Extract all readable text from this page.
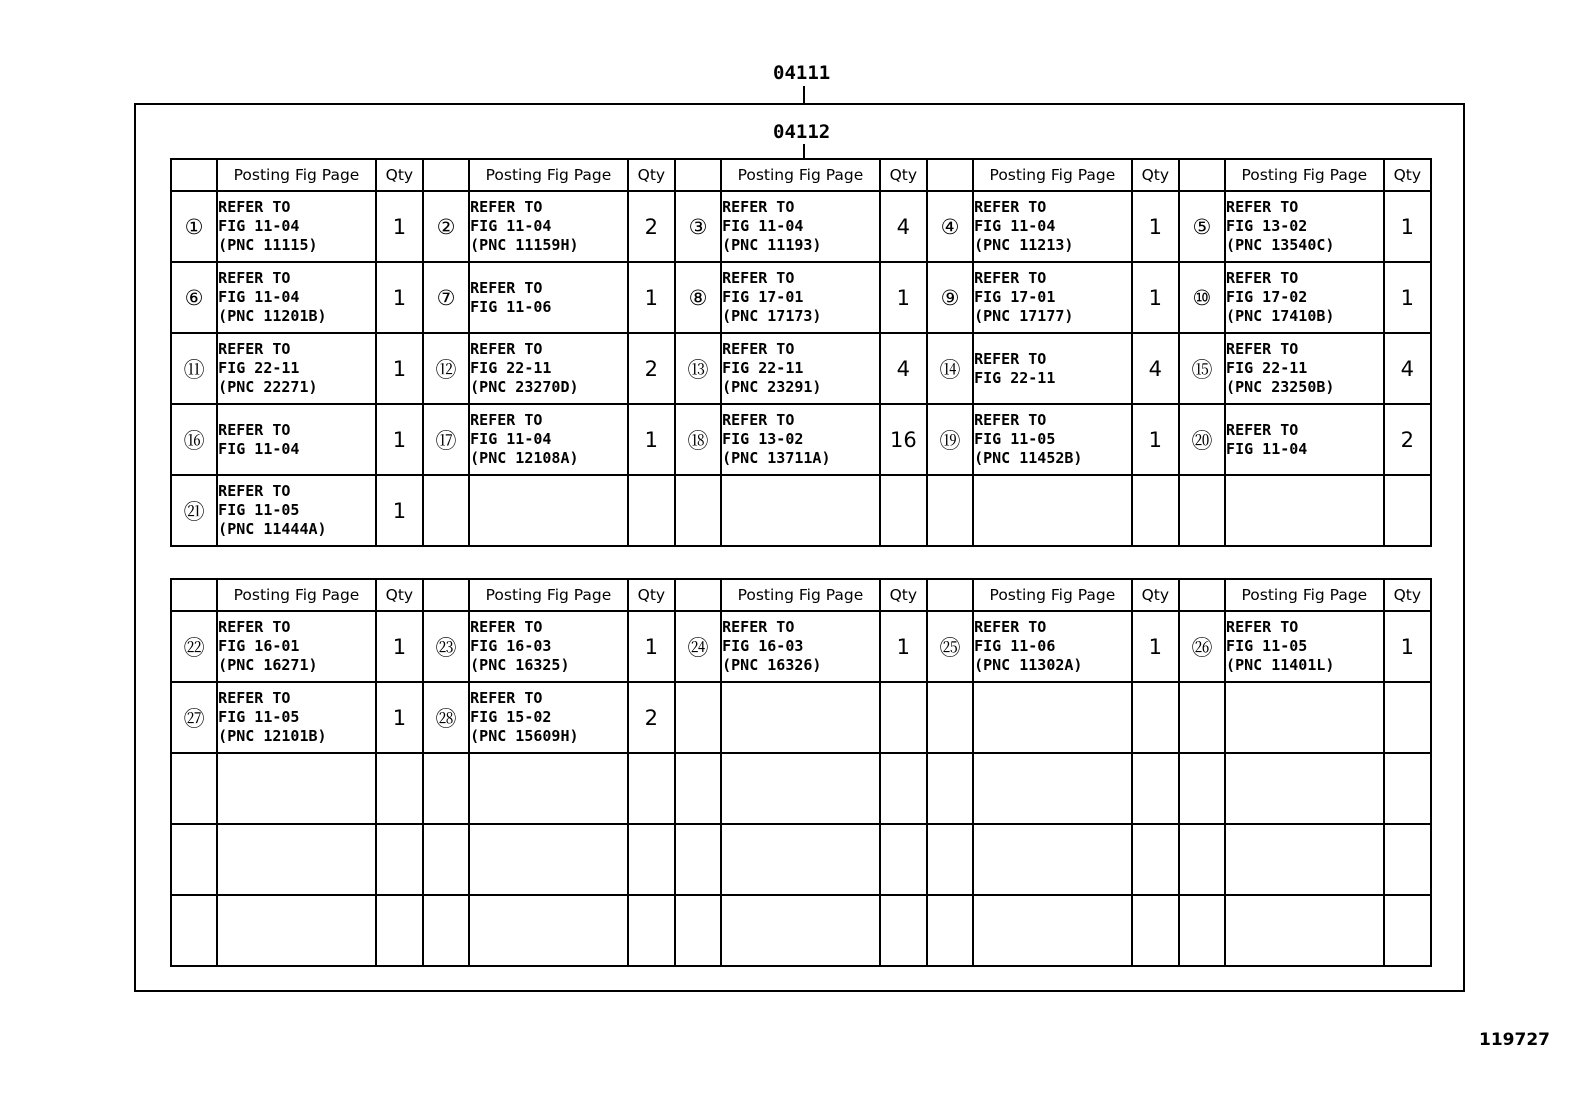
04111
04112
	Posting Fig Page	Qty		Posting Fig Page	Qty		Posting Fig Page	Qty		Posting Fig Page	Qty		Posting Fig Page	Qty
①	REFER TO
FIG 11-04
(PNC 11115)	1	②	REFER TO
FIG 11-04
(PNC 11159H)	2	③	REFER TO
FIG 11-04
(PNC 11193)	4	④	REFER TO
FIG 11-04
(PNC 11213)	1	⑤	REFER TO
FIG 13-02
(PNC 13540C)	1
⑥	REFER TO
FIG 11-04
(PNC 11201B)	1	⑦	REFER TO
FIG 11-06	1	⑧	REFER TO
FIG 17-01
(PNC 17173)	1	⑨	REFER TO
FIG 17-01
(PNC 17177)	1	⑩	REFER TO
FIG 17-02
(PNC 17410B)	1
⑪	REFER TO
FIG 22-11
(PNC 22271)	1	⑫	REFER TO
FIG 22-11
(PNC 23270D)	2	⑬	REFER TO
FIG 22-11
(PNC 23291)	4	⑭	REFER TO
FIG 22-11	4	⑮	REFER TO
FIG 22-11
(PNC 23250B)	4
⑯	REFER TO
FIG 11-04	1	⑰	REFER TO
FIG 11-04
(PNC 12108A)	1	⑱	REFER TO
FIG 13-02
(PNC 13711A)	16	⑲	REFER TO
FIG 11-05
(PNC 11452B)	1	⑳	REFER TO
FIG 11-04	2
㉑	REFER TO
FIG 11-05
(PNC 11444A)	1												
	Posting Fig Page	Qty		Posting Fig Page	Qty		Posting Fig Page	Qty		Posting Fig Page	Qty		Posting Fig Page	Qty
㉒	REFER TO
FIG 16-01
(PNC 16271)	1	㉓	REFER TO
FIG 16-03
(PNC 16325)	1	㉔	REFER TO
FIG 16-03
(PNC 16326)	1	㉕	REFER TO
FIG 11-06
(PNC 11302A)	1	㉖	REFER TO
FIG 11-05
(PNC 11401L)	1
㉗	REFER TO
FIG 11-05
(PNC 12101B)	1	㉘	REFER TO
FIG 15-02
(PNC 15609H)	2									

119727
